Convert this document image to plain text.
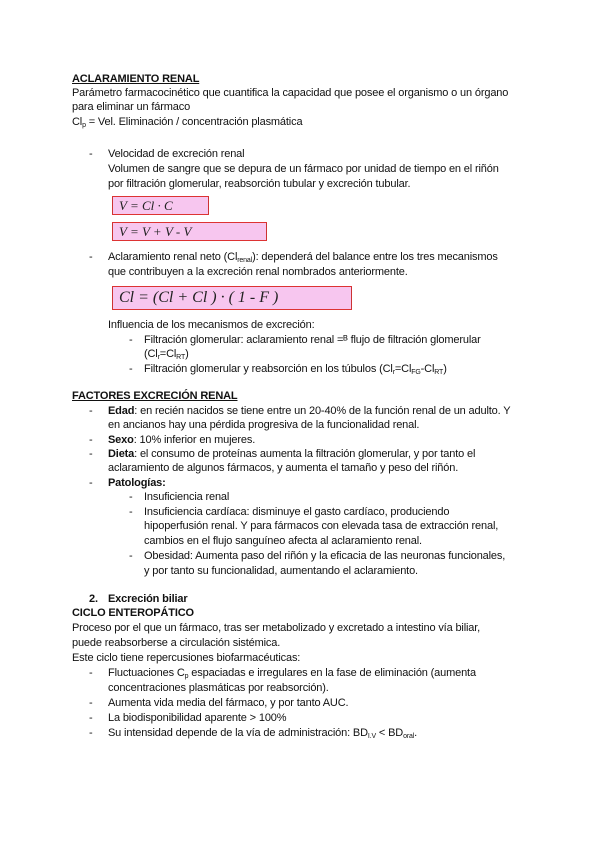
ACLARAMIENTO RENAL
Parámetro farmacocinético que cuantifica la capacidad que posee el organismo o un órgano
para eliminar un fármaco
$Cl_p$ = Vel. Eliminación / concentración plasmática
- Velocidad de excreción renal
Volumen de sangre que se depura de un fármaco por unidad de tiempo en el riñón
por filtración glomerular, reabsorción tubular y excreción tubular.
V = Cl · C
V = V + V - V
- Aclaramiento renal neto $(Cl_{renal})$: dependerá del balance entre los tres mecanismos
que contribuyen a la excreción renal nombrados anteriormente.
Cl = (Cl + Cl ) · ( 1 - F )
Influencia de los mecanismos de excreción:
- Filtración glomerular: aclaramiento renal =ᴮ flujo de filtración glomerular
$(Cl_r=Cl_{RT})$
- Filtración glomerular y reabsorción en los túbulos $(Cl_r=Cl_{FG}-Cl_{RT})$
FACTORES EXCRECIÓN RENAL
- Edad: en recién nacidos se tiene entre un 20-40% de la función renal de un adulto. Y
en ancianos hay una pérdida progresiva de la funcionalidad renal.
- Sexo: 10% inferior en mujeres.
- Dieta: el consumo de proteínas aumenta la filtración glomerular, y por tanto el
aclaramiento de algunos fármacos, y aumenta el tamaño y peso del riñón.
- Patologías:
- Insuficiencia renal
- Insuficiencia cardíaca: disminuye el gasto cardíaco, produciendo
hipoperfusión renal. Y para fármacos con elevada tasa de extracción renal,
cambios en el flujo sanguíneo afecta al aclaramiento renal.
- Obesidad: Aumenta paso del riñón y la eficacia de las neuronas funcionales,
y por tanto su funcionalidad, aumentando el aclaramiento.
2. Excreción biliar
CICLO ENTEROPÁTICO
Proceso por el que un fármaco, tras ser metabolizado y excretado a intestino vía biliar,
puede reabsorberse a circulación sistémica.
Este ciclo tiene repercusiones biofarmacéuticas:
- Fluctuaciones $C_p$ espaciadas e irregulares en la fase de eliminación (aumenta
concentraciones plasmáticas por reabsorción).
- Aumenta vida media del fármaco, y por tanto AUC.
- La biodisponibilidad aparente > 100%
- Su intensidad depende de la vía de administración: $BD_{I.V} < BD_{oral}$.
